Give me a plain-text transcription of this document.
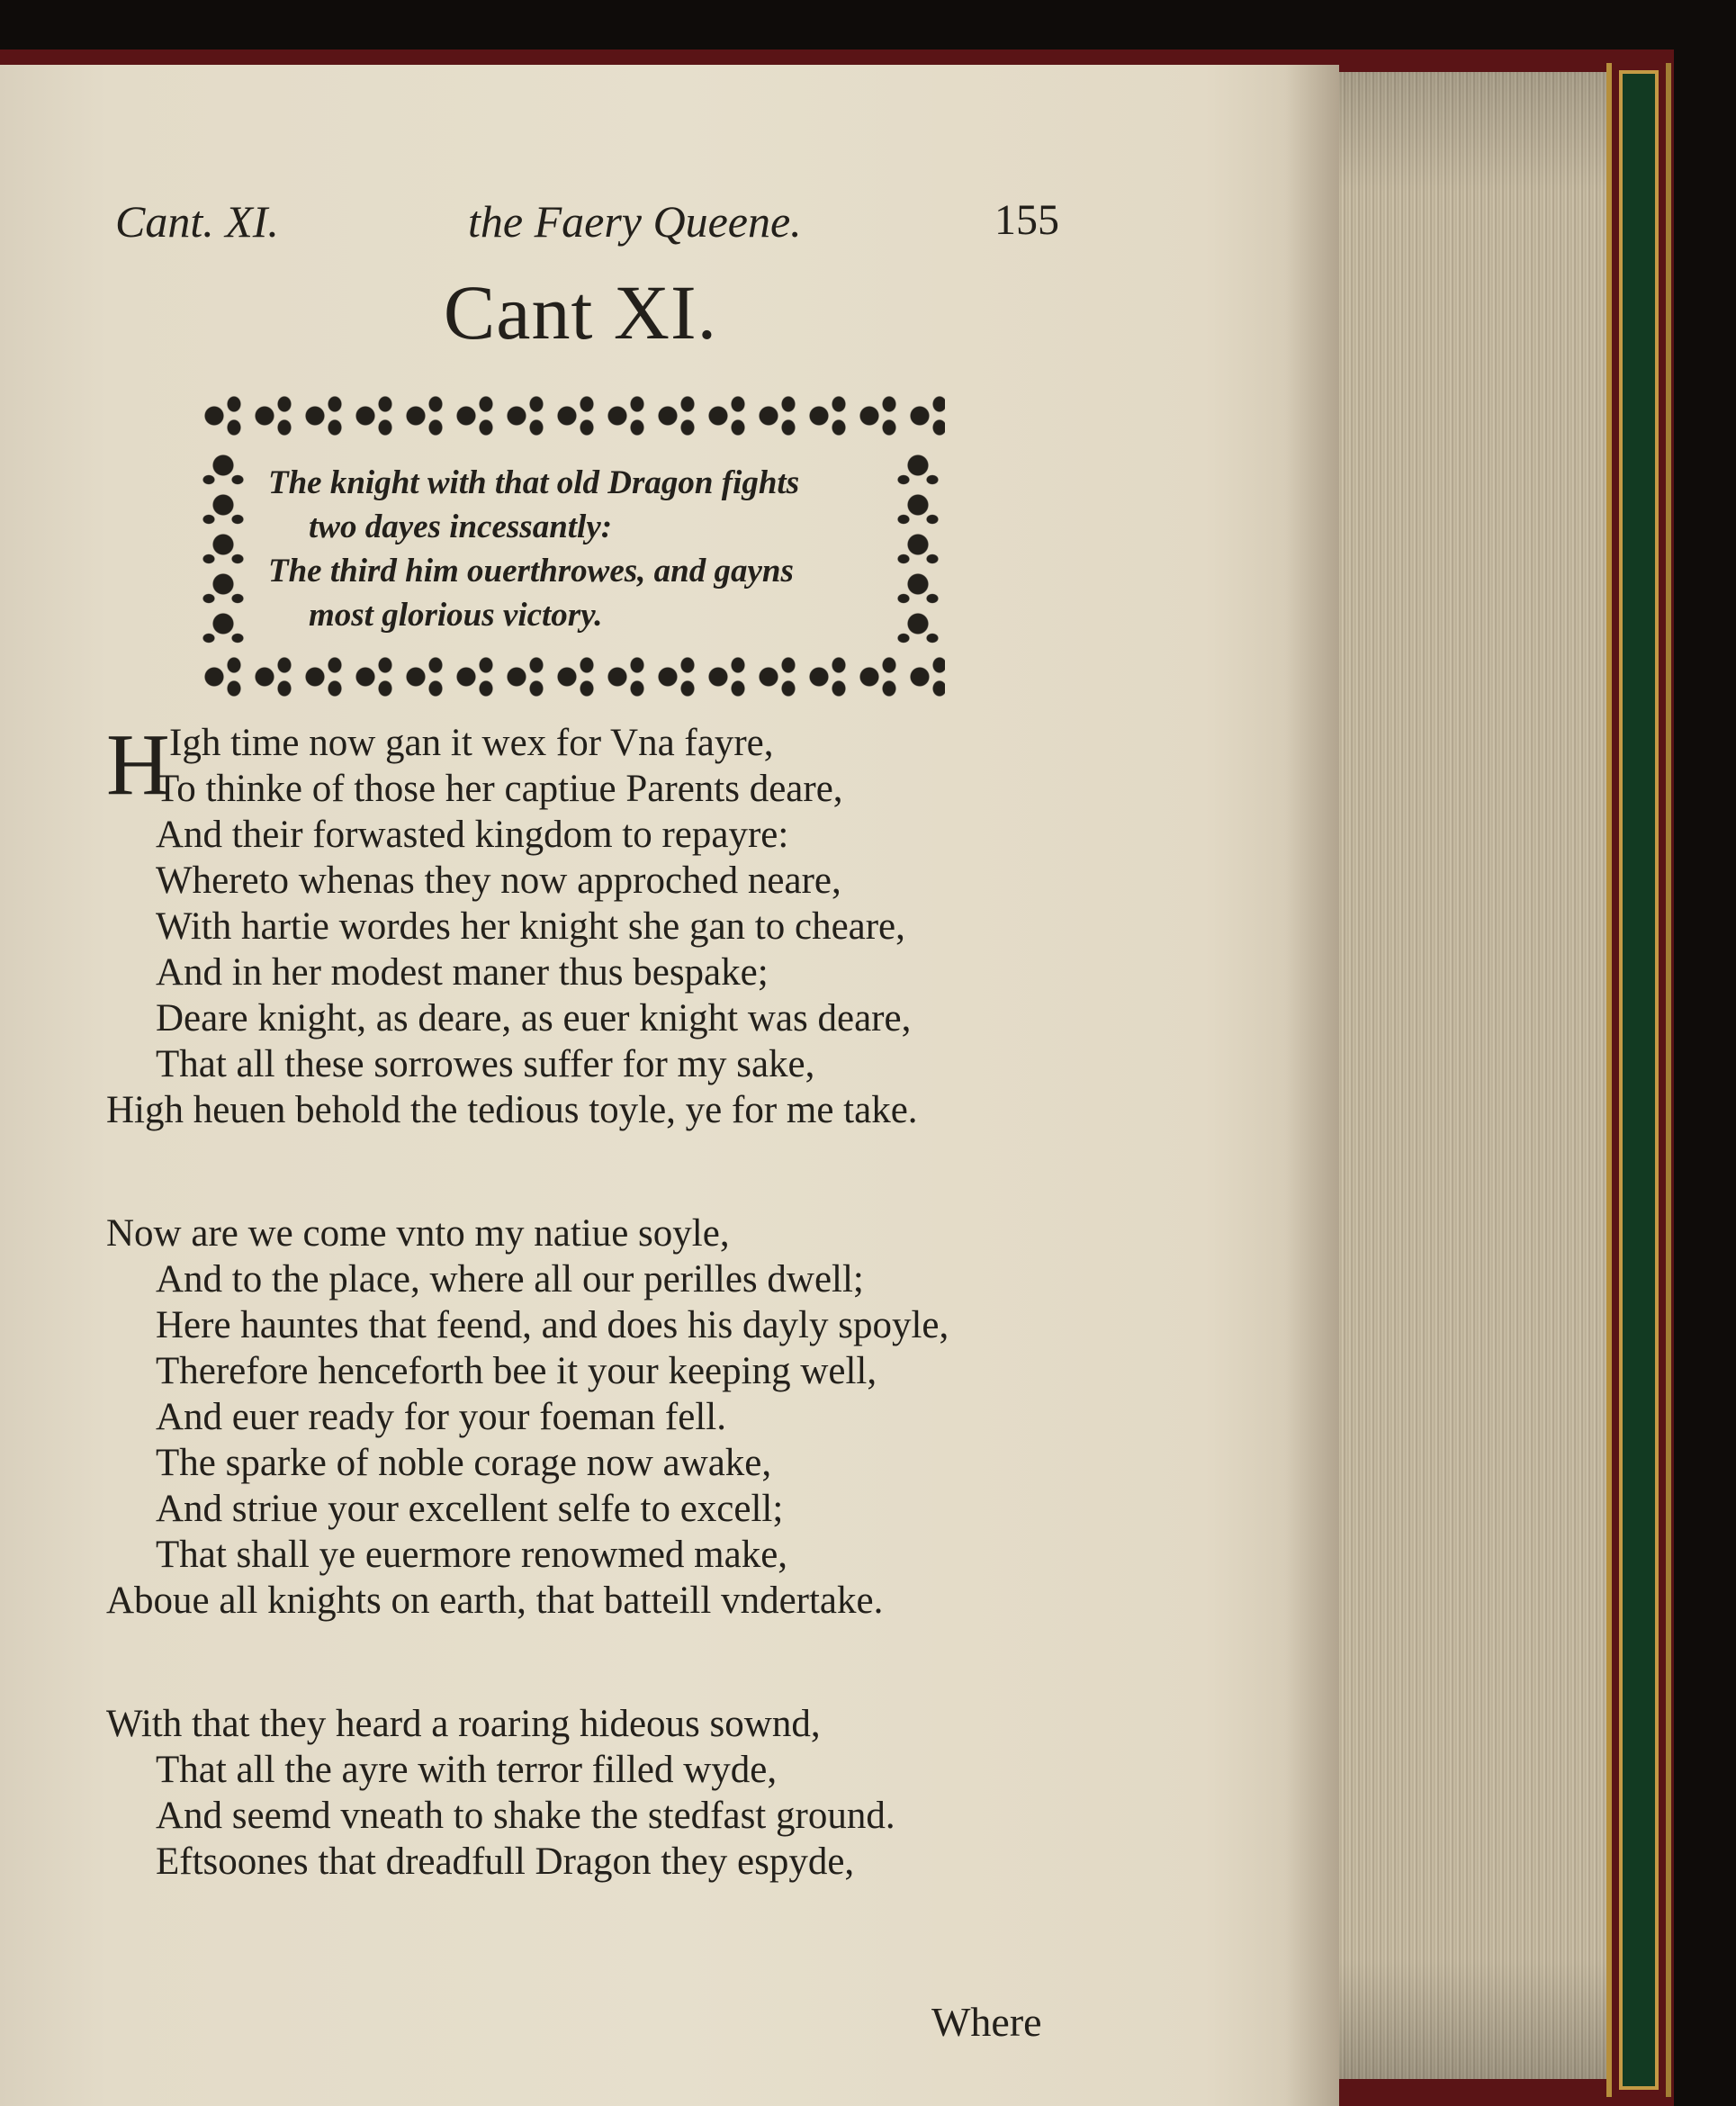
Cant. XI.	the Faery Queene.	155
Cant XI.
The knight with that old Dragon fights
two dayes incessantly:
The third him ouerthrowes, and gayns
most glorious victory.
H Igh time now gan it wex for Vna fayre,
To thinke of those her captiue Parents deare,
And their forwasted kingdom to repayre:
Whereto whenas they now approched neare,
With hartie wordes her knight she gan to cheare,
And in her modest maner thus bespake;
Deare knight, as deare, as euer knight was deare,
That all these sorrowes suffer for my sake,
High heuen behold the tedious toyle, ye for me take.
Now are we come vnto my natiue soyle,
And to the place, where all our perilles dwell;
Here hauntes that feend, and does his dayly spoyle,
Therefore henceforth bee it your keeping well,
And euer ready for your foeman fell.
The sparke of noble corage now awake,
And striue your excellent selfe to excell;
That shall ye euermore renowmed make,
Aboue all knights on earth, that batteill vndertake.
With that they heard a roaring hideous sownd,
That all the ayre with terror filled wyde,
And seemd vneath to shake the stedfast ground.
Eftsoones that dreadfull Dragon they espyde,
Where
